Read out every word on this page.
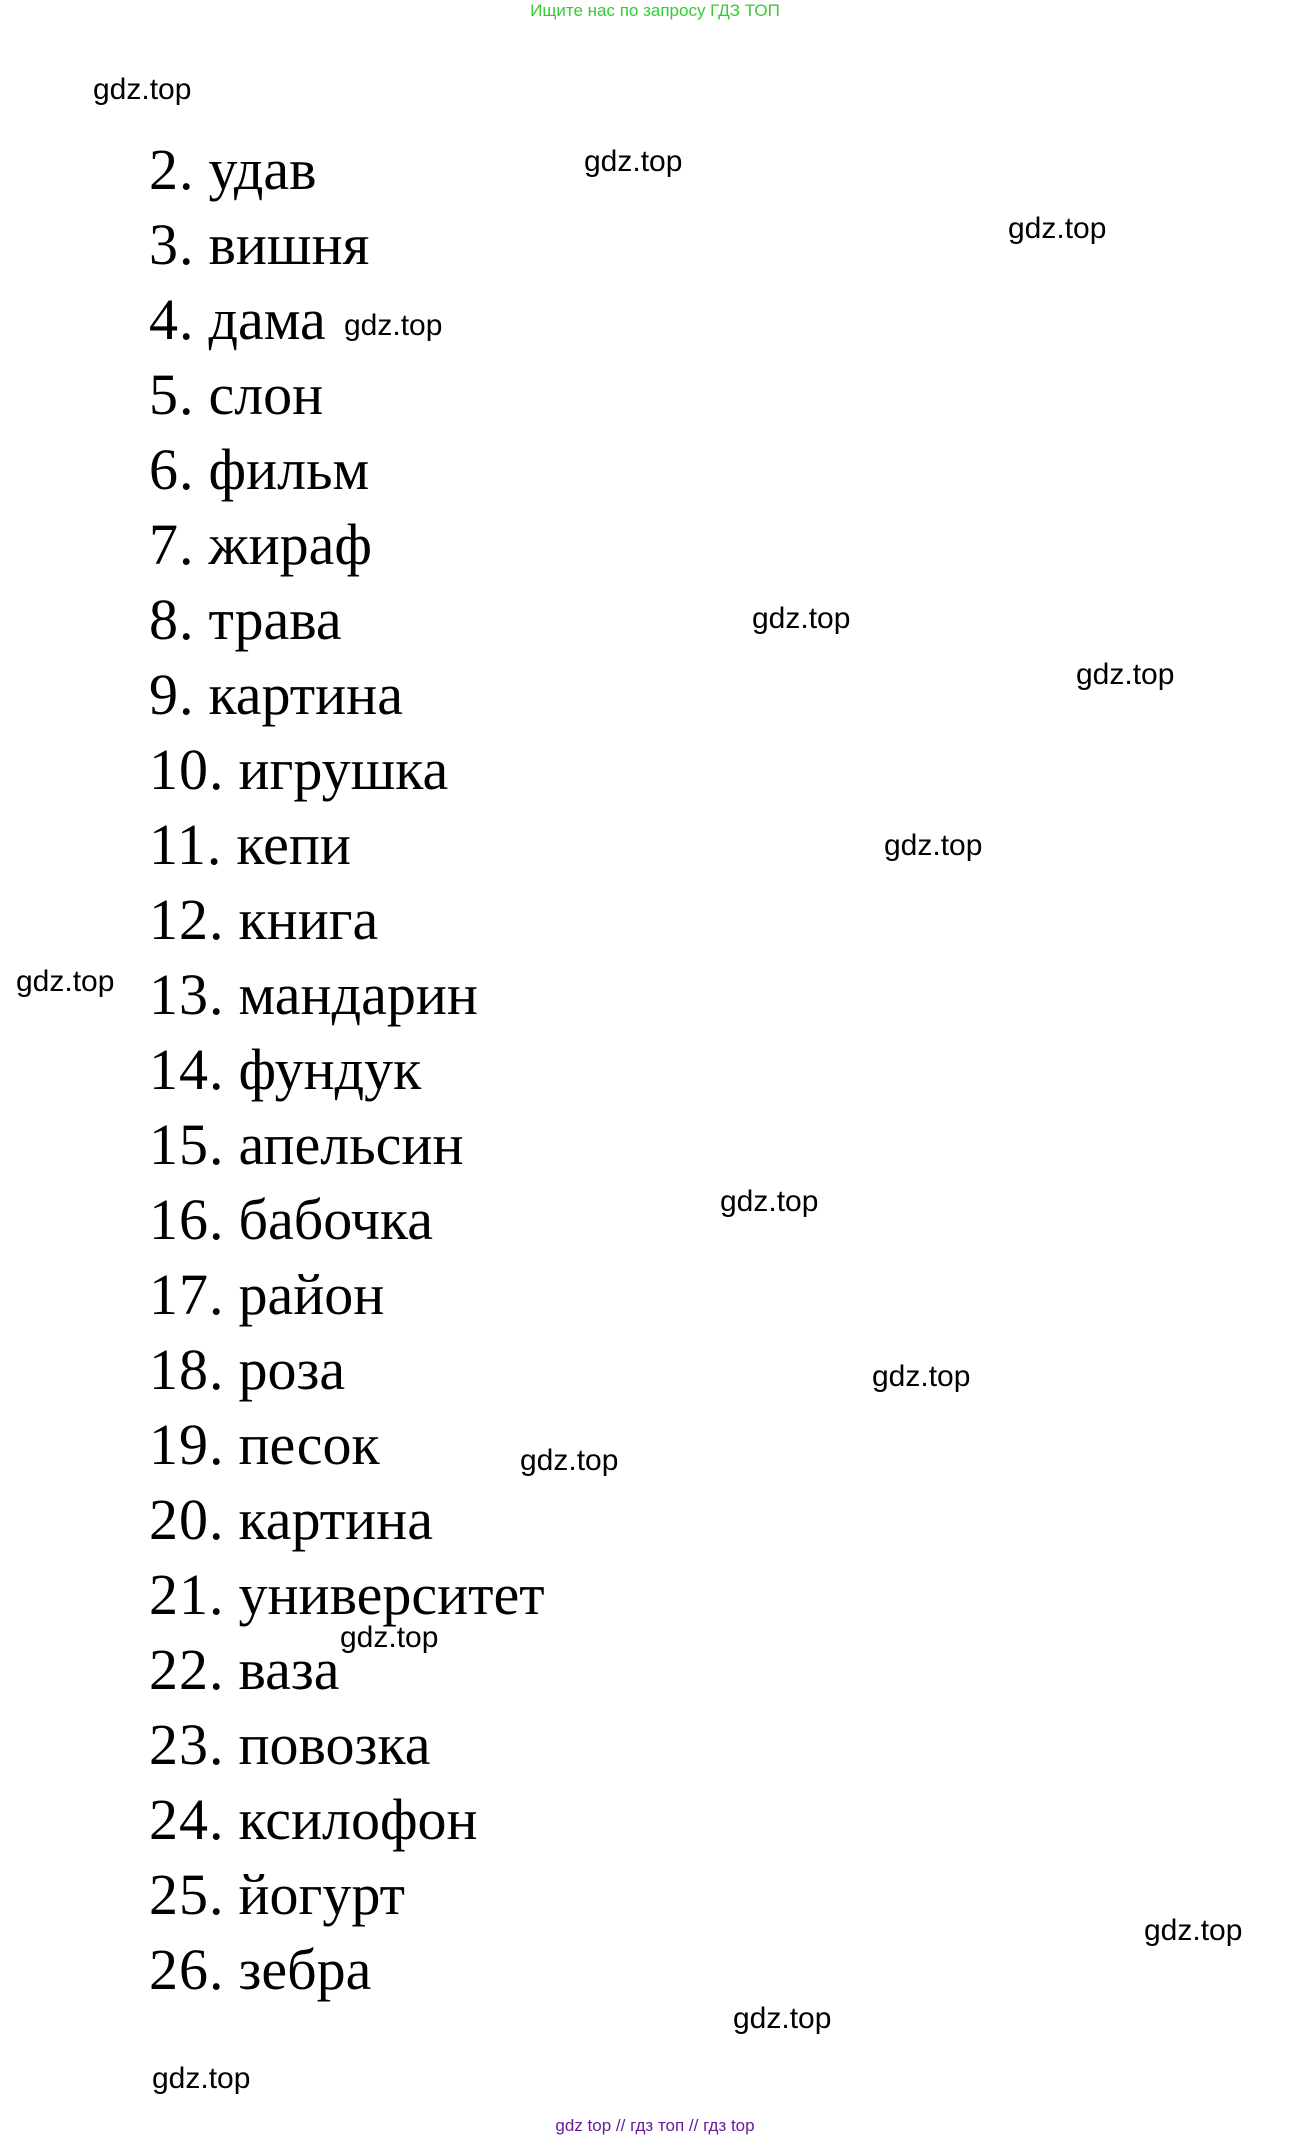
Ищите нас по запросу ГДЗ ТОП
2. удав
3. вишня
4. дама
5. слон
6. фильм
7. жираф
8. трава
9. картина
10. игрушка
11. кепи
12. книга
13. мандарин
14. фундук
15. апельсин
16. бабочка
17. район
18. роза
19. песок
20. картина
21. университет
22. ваза
23. повозка
24. ксилофон
25. йогурт
26. зебра
gdz.top
gdz.top
gdz.top
gdz.top
gdz.top
gdz.top
gdz.top
gdz.top
gdz.top
gdz.top
gdz.top
gdz.top
gdz.top
gdz.top
gdz.top
gdz top // гдз топ // гдз top
